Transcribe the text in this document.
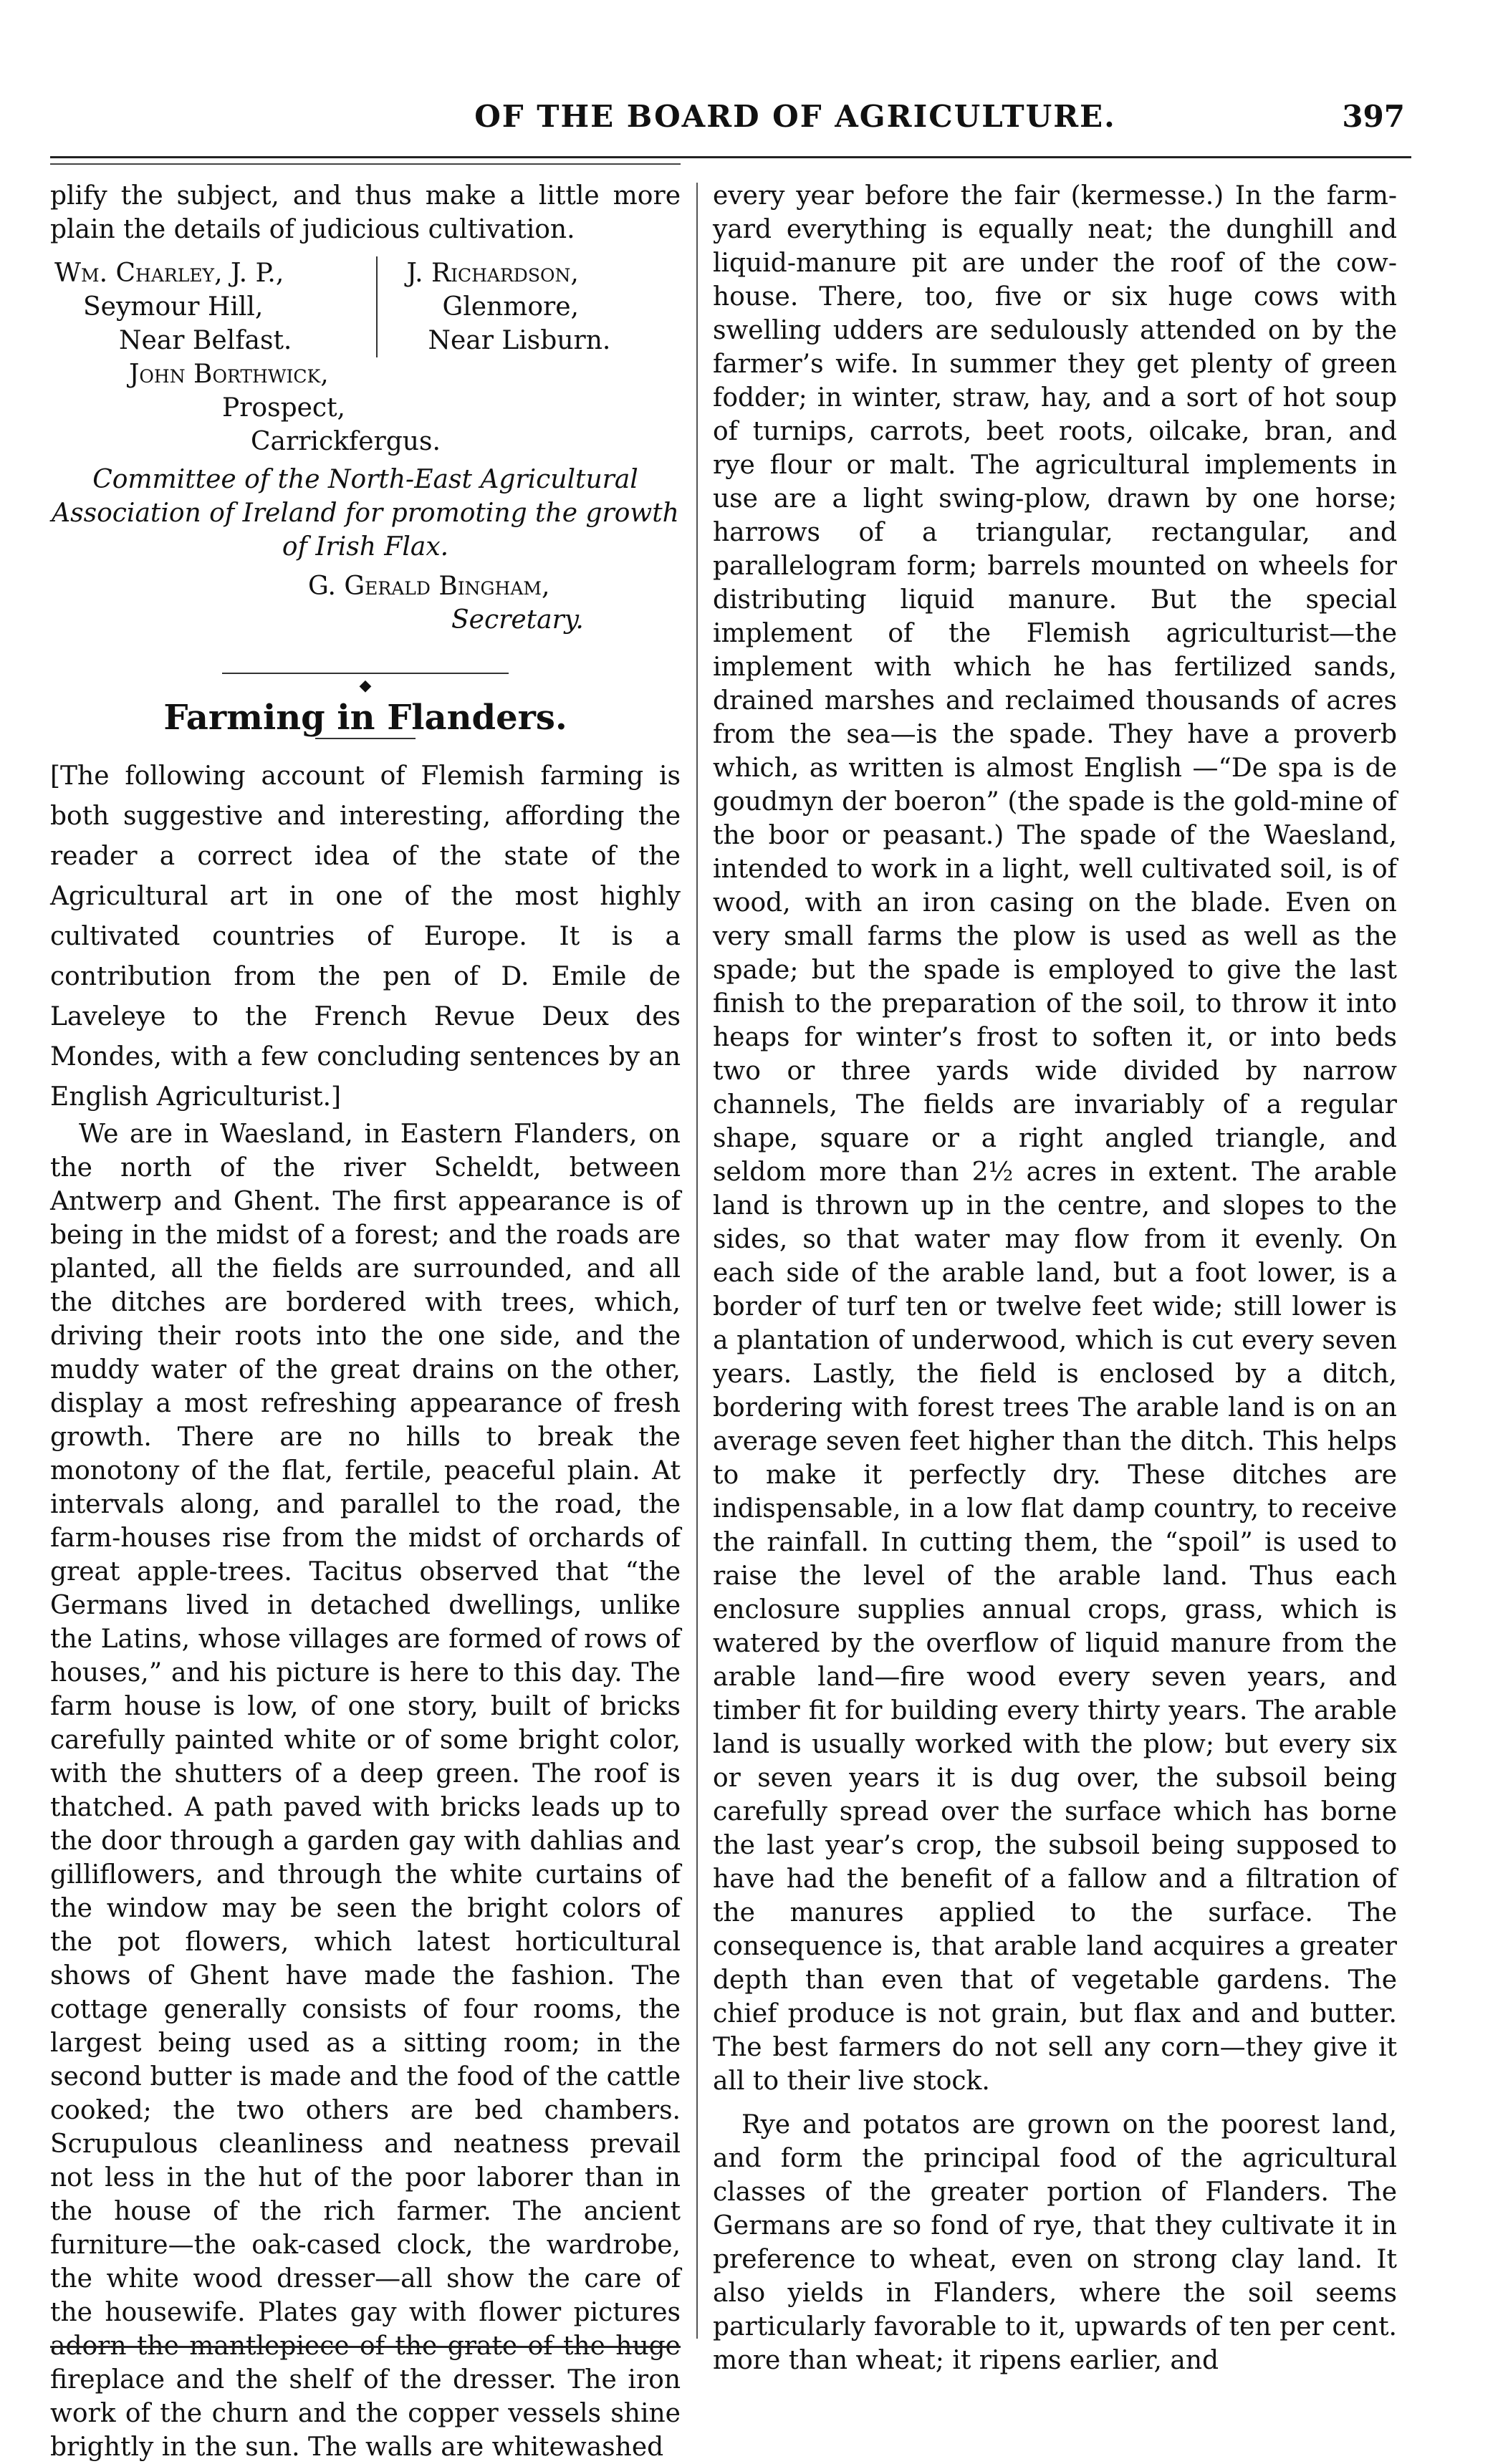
OF THE BOARD OF AGRICULTURE.	397

plify the subject, and thus make a little more plain the details of judicious cultivation.

Wm. Charley, J. P.,
Seymour Hill,
Near Belfast.
J. Richardson,
Glenmore,
Near Lisburn.
John Borthwick,
Prospect,
Carrickfergus.

Committee of the North-East Agricultural Association of Ireland for promoting the growth of Irish Flax.

G. Gerald Bingham,
Secretary.
◆
Farming in Flanders.

[The following account of Flemish farming is both suggestive and interesting, affording the reader a correct idea of the state of the Agricultural art in one of the most highly cultivated countries of Europe. It is a contribution from the pen of D. Emile de Laveleye to the French Revue Deux des Mondes, with a few concluding sentences by an English Agriculturist.]

We are in Waesland, in Eastern Flanders, on the north of the river Scheldt, between Antwerp and Ghent. The first appearance is of being in the midst of a forest; and the roads are planted, all the fields are surrounded, and all the ditches are bordered with trees, which, driving their roots into the one side, and the muddy water of the great drains on the other, display a most refreshing appearance of fresh growth. There are no hills to break the monotony of the flat, fertile, peaceful plain. At intervals along, and parallel to the road, the farm-houses rise from the midst of orchards of great apple-trees. Tacitus observed that “the Germans lived in detached dwellings, unlike the Latins, whose villages are formed of rows of houses,” and his picture is here to this day. The farm house is low, of one story, built of bricks carefully painted white or of some bright color, with the shutters of a deep green. The roof is thatched. A path paved with bricks leads up to the door through a garden gay with dahlias and gilliflowers, and through the white curtains of the window may be seen the bright colors of the pot flowers, which latest horticultural shows of Ghent have made the fashion. The cottage generally consists of four rooms, the largest being used as a sitting room; in the second butter is made and the food of the cattle cooked; the two others are bed chambers. Scrupulous cleanliness and neatness prevail not less in the hut of the poor laborer than in the house of the rich farmer. The ancient furniture—the oak-cased clock, the wardrobe, the white wood dresser—all show the care of the housewife. Plates gay with flower pictures adorn the mantlepiece of the grate of the huge fireplace and the shelf of the dresser. The iron work of the churn and the copper vessels shine brightly in the sun. The walls are whitewashed

every year before the fair (kermesse.) In the farm-yard everything is equally neat; the dunghill and liquid-manure pit are under the roof of the cow-house. There, too, five or six huge cows with swelling udders are sedulously attended on by the farmer’s wife. In summer they get plenty of green fodder; in winter, straw, hay, and a sort of hot soup of turnips, carrots, beet roots, oilcake, bran, and rye flour or malt. The agricultural implements in use are a light swing-plow, drawn by one horse; harrows of a triangular, rectangular, and parallelogram form; barrels mounted on wheels for distributing liquid manure. But the special implement of the Flemish agriculturist—the implement with which he has fertilized sands, drained marshes and reclaimed thousands of acres from the sea—is the spade. They have a proverb which, as written is almost English —“De spa is de goudmyn der boeron” (the spade is the gold-mine of the boor or peasant.) The spade of the Waesland, intended to work in a light, well cultivated soil, is of wood, with an iron casing on the blade. Even on very small farms the plow is used as well as the spade; but the spade is employed to give the last finish to the preparation of the soil, to throw it into heaps for winter’s frost to soften it, or into beds two or three yards wide divided by narrow channels, The fields are invariably of a regular shape, square or a right angled triangle, and seldom more than 2½ acres in extent. The arable land is thrown up in the centre, and slopes to the sides, so that water may flow from it evenly. On each side of the arable land, but a foot lower, is a border of turf ten or twelve feet wide; still lower is a plantation of underwood, which is cut every seven years. Lastly, the field is enclosed by a ditch, bordering with forest trees The arable land is on an average seven feet higher than the ditch. This helps to make it perfectly dry. These ditches are indispensable, in a low flat damp country, to receive the rainfall. In cutting them, the “spoil” is used to raise the level of the arable land. Thus each enclosure supplies annual crops, grass, which is watered by the overflow of liquid manure from the arable land—fire wood every seven years, and timber fit for building every thirty years. The arable land is usually worked with the plow; but every six or seven years it is dug over, the subsoil being carefully spread over the surface which has borne the last year’s crop, the subsoil being supposed to have had the benefit of a fallow and a filtration of the manures applied to the surface. The consequence is, that arable land acquires a greater depth than even that of vegetable gardens. The chief produce is not grain, but flax and and butter. The best farmers do not sell any corn—they give it all to their live stock.

Rye and potatos are grown on the poorest land, and form the principal food of the agricultural classes of the greater portion of Flanders. The Germans are so fond of rye, that they cultivate it in preference to wheat, even on strong clay land. It also yields in Flanders, where the soil seems particularly favorable to it, upwards of ten per cent. more than wheat; it ripens earlier, and
